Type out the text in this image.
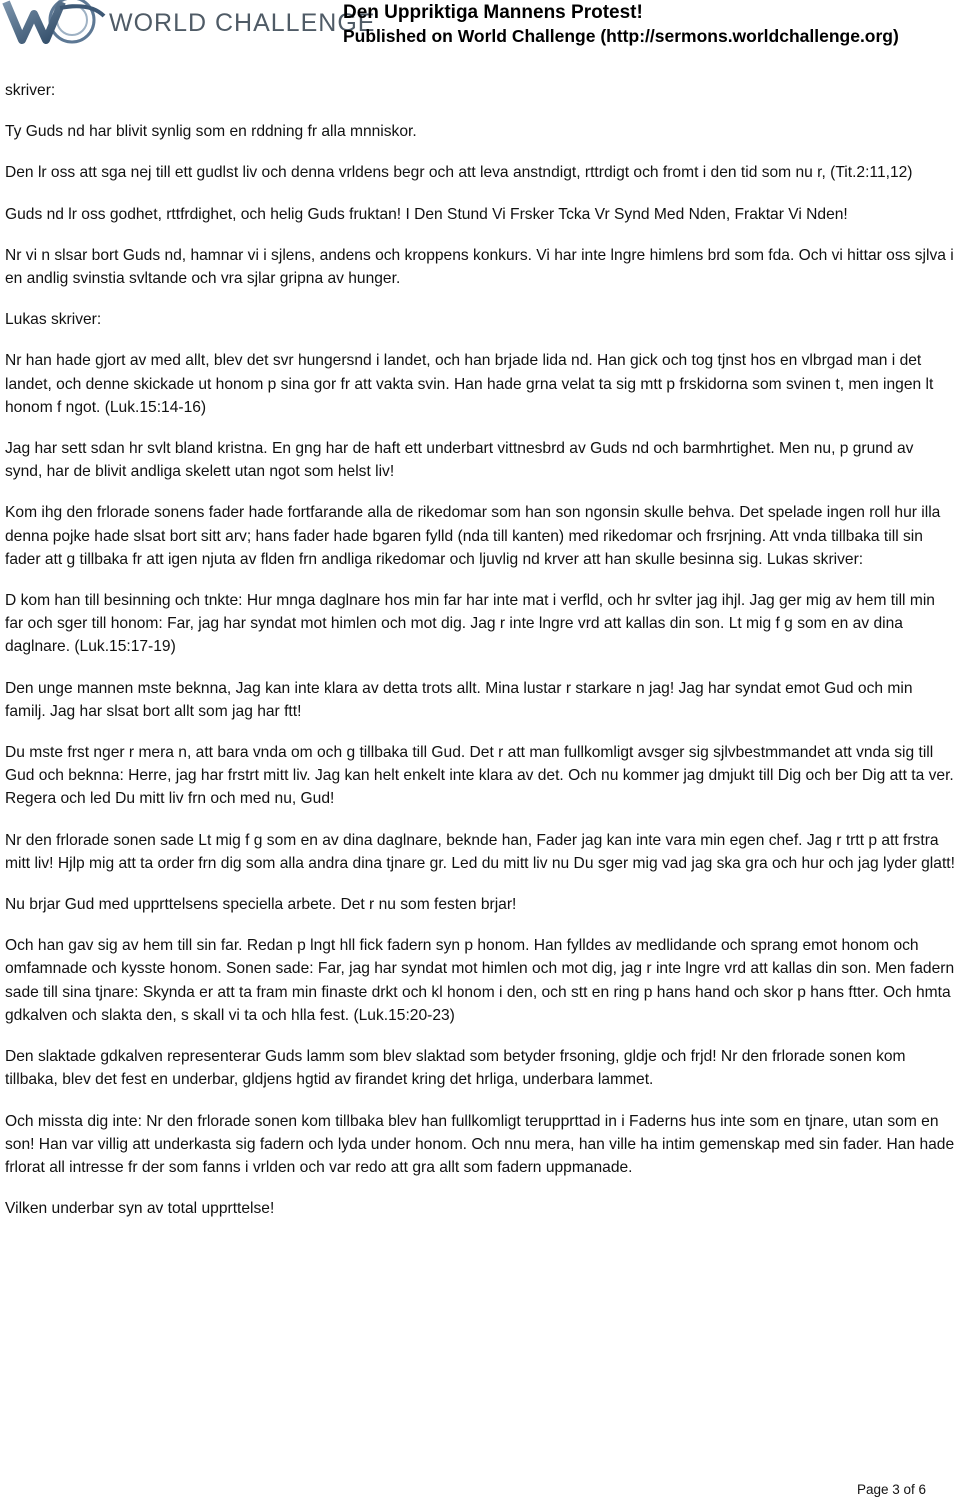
WORLD CHALLENGE
Den Uppriktiga Mannens Protest!
Published on World Challenge (http://sermons.worldchallenge.org)

skriver:

Ty Guds nd har blivit synlig som en rddning fr alla mnniskor.

Den lr oss att sga nej till ett gudlst liv och denna vrldens begr och att leva anstndigt, rttrdigt och fromt i den tid som nu r, (Tit.2:11,12)

Guds nd lr oss godhet, rttfrdighet, och helig Guds fruktan! I Den Stund Vi Frsker Tcka Vr Synd Med Nden, Fraktar Vi Nden!

Nr vi n slsar bort Guds nd, hamnar vi i sjlens, andens och kroppens konkurs. Vi har inte lngre himlens brd som fda. Och vi hittar oss sjlva i en andlig svinstia svltande och vra sjlar gripna av hunger.

Lukas skriver:

Nr han hade gjort av med allt, blev det svr hungersnd i landet, och han brjade lida nd. Han gick och tog tjnst hos en vlbrgad man i det landet, och denne skickade ut honom p sina gor fr att vakta svin. Han hade grna velat ta sig mtt p frskidorna som svinen t, men ingen lt honom f ngot. (Luk.15:14-16)

Jag har sett sdan hr svlt bland kristna. En gng har de haft ett underbart vittnesbrd av Guds nd och barmhrtighet. Men nu, p grund av synd, har de blivit andliga skelett utan ngot som helst liv!

Kom ihg den frlorade sonens fader hade fortfarande alla de rikedomar som han son ngonsin skulle behva. Det spelade ingen roll hur illa denna pojke hade slsat bort sitt arv; hans fader hade bgaren fylld (nda till kanten) med rikedomar och frsrjning. Att vnda tillbaka till sin fader att g tillbaka fr att igen njuta av flden frn andliga rikedomar och ljuvlig nd krver att han skulle besinna sig. Lukas skriver:

D kom han till besinning och tnkte: Hur mnga daglnare hos min far har inte mat i verfld, och hr svlter jag ihjl. Jag ger mig av hem till min far och sger till honom: Far, jag har syndat mot himlen och mot dig. Jag r inte lngre vrd att kallas din son. Lt mig f g som en av dina daglnare. (Luk.15:17-19)

Den unge mannen mste beknna, Jag kan inte klara av detta trots allt. Mina lustar r starkare n jag! Jag har syndat emot Gud och min familj. Jag har slsat bort allt som jag har ftt!

Du mste frst nger r mera n, att bara vnda om och g tillbaka till Gud. Det r att man fullkomligt avsger sig sjlvbestmmandet att vnda sig till Gud och beknna: Herre, jag har frstrt mitt liv. Jag kan helt enkelt inte klara av det. Och nu kommer jag dmjukt till Dig och ber Dig att ta ver. Regera och led Du mitt liv frn och med nu, Gud!

Nr den frlorade sonen sade Lt mig f g som en av dina daglnare, beknde han, Fader jag kan inte vara min egen chef. Jag r trtt p att frstra mitt liv! Hjlp mig att ta order frn dig som alla andra dina tjnare gr. Led du mitt liv nu Du sger mig vad jag ska gra och hur och jag lyder glatt!

Nu brjar Gud med upprttelsens speciella arbete. Det r nu som festen brjar!

Och han gav sig av hem till sin far. Redan p lngt hll fick fadern syn p honom. Han fylldes av medlidande och sprang emot honom och omfamnade och kysste honom. Sonen sade: Far, jag har syndat mot himlen och mot dig, jag r inte lngre vrd att kallas din son. Men fadern sade till sina tjnare: Skynda er att ta fram min finaste drkt och kl honom i den, och stt en ring p hans hand och skor p hans ftter. Och hmta gdkalven och slakta den, s skall vi ta och hlla fest. (Luk.15:20-23)

Den slaktade gdkalven representerar Guds lamm som blev slaktad som betyder frsoning, gldje och frjd! Nr den frlorade sonen kom tillbaka, blev det fest en underbar, gldjens hgtid av firandet kring det hrliga, underbara lammet.

Och missta dig inte: Nr den frlorade sonen kom tillbaka blev han fullkomligt terupprttad in i Faderns hus inte som en tjnare, utan som en son! Han var villig att underkasta sig fadern och lyda under honom. Och nnu mera, han ville ha intim gemenskap med sin fader. Han hade frlorat all intresse fr der som fanns i vrlden och var redo att gra allt som fadern uppmanade.

Vilken underbar syn av total upprttelse!

Page 3 of 6
